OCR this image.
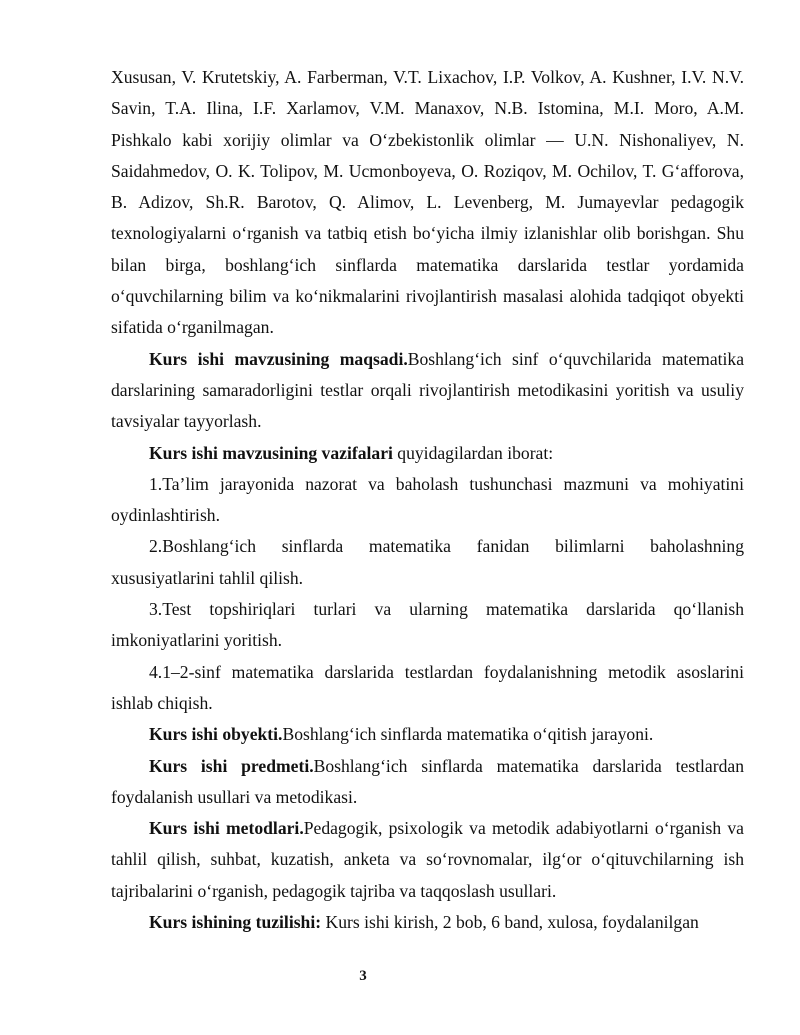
Xususan, V. Krutetskiy, A. Farberman, V.T. Lixachov, I.P. Volkov, A. Kushner, I.V. N.V. Savin, T.A. Ilina, I.F. Xarlamov, V.M. Manaxov, N.B. Istomina, M.I. Moro, A.M. Pishkalo kabi xorijiy olimlar va O‘zbekistonlik olimlar — U.N. Nishonaliyev, N. Saidahmedov, O. K. Tolipov, M. Ucmonboyeva, O. Roziqov, M. Ochilov, T. G‘afforova, B. Adizov, Sh.R. Barotov, Q. Alimov, L. Levenberg, M. Jumayevlar pedagogik texnologiyalarni o‘rganish va tatbiq etish bo‘yicha ilmiy izlanishlar olib borishgan. Shu bilan birga, boshlang‘ich sinflarda matematika darslarida testlar yordamida o‘quvchilarning bilim va ko‘nikmalarini rivojlantirish masalasi alohida tadqiqot obyekti sifatida o‘rganilmagan.

Kurs ishi mavzusining maqsadi.Boshlang‘ich sinf o‘quvchilarida matematika darslarining samaradorligini testlar orqali rivojlantirish metodikasini yoritish va usuliy tavsiyalar tayyorlash.

Kurs ishi mavzusining vazifalari quyidagilardan iborat:

1.Ta’lim jarayonida nazorat va baholash tushunchasi mazmuni va mohiyatini oydinlashtirish.

2.Boshlang‘ich sinflarda matematika fanidan bilimlarni baholashning xususiyatlarini tahlil qilish.

3.Test topshiriqlari turlari va ularning matematika darslarida qo‘llanish imkoniyatlarini yoritish.

4.1–2-sinf matematika darslarida testlardan foydalanishning metodik asoslarini ishlab chiqish.

Kurs ishi obyekti.Boshlang‘ich sinflarda matematika o‘qitish jarayoni.

Kurs ishi predmeti.Boshlang‘ich sinflarda matematika darslarida testlardan foydalanish usullari va metodikasi.

Kurs ishi metodlari.Pedagogik, psixologik va metodik adabiyotlarni o‘rganish va tahlil qilish, suhbat, kuzatish, anketa va so‘rovnomalar, ilg‘or o‘qituvchilarning ish tajribalarini o‘rganish, pedagogik tajriba va taqqoslash usullari.

Kurs ishining tuzilishi: Kurs ishi kirish, 2 bob, 6 band, xulosa, foydalanilgan

3
